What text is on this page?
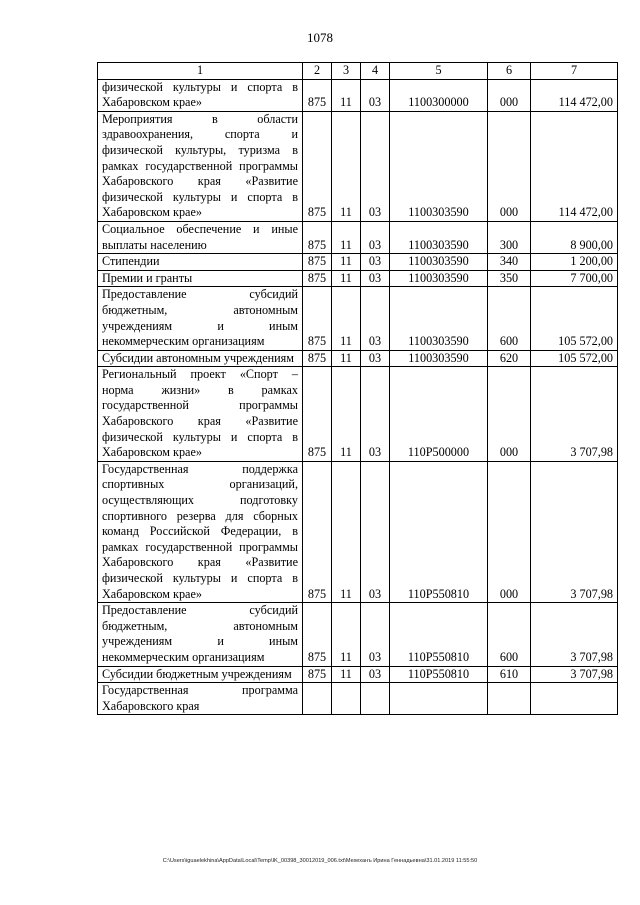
1078
1	2	3	4	5	6	7
физической культуры и спорта в Хабаровском крае»	875	11	03	1100300000	000	114 472,00
Мероприятия в области здравоохранения, спорта и физической культуры, туризма в рамках государственной программы Хабаровского края «Развитие физической культуры и спорта в Хабаровском крае»	875	11	03	1100303590	000	114 472,00
Социальное обеспечение и иные выплаты населению	875	11	03	1100303590	300	8 900,00
Стипендии	875	11	03	1100303590	340	1 200,00
Премии и гранты	875	11	03	1100303590	350	7 700,00
Предоставление субсидий бюджетным, автономным учреждениям и иным некоммерческим организациям	875	11	03	1100303590	600	105 572,00
Субсидии автономным учреждениям	875	11	03	1100303590	620	105 572,00
Региональный проект «Спорт – норма жизни» в рамках государственной программы Хабаровского края «Развитие физической культуры и спорта в Хабаровском крае»	875	11	03	110P500000	000	3 707,98
Государственная поддержка спортивных организаций, осуществляющих подготовку спортивного резерва для сборных команд Российской Федерации, в рамках государственной программы Хабаровского края «Развитие физической культуры и спорта в Хабаровском крае»	875	11	03	110P550810	000	3 707,98
Предоставление субсидий бюджетным, автономным учреждениям и иным некоммерческим организациям	875	11	03	110P550810	600	3 707,98
Субсидии бюджетным учреждениям	875	11	03	110P550810	610	3 707,98
Государственная программа Хабаровского края						
C:\Users\iguaelekhina\AppData\Local\Temp\IK_00398_30012019_006.txt\Мехеханъ Ирина Геннадьевна\31.01.2019 11:55:50
